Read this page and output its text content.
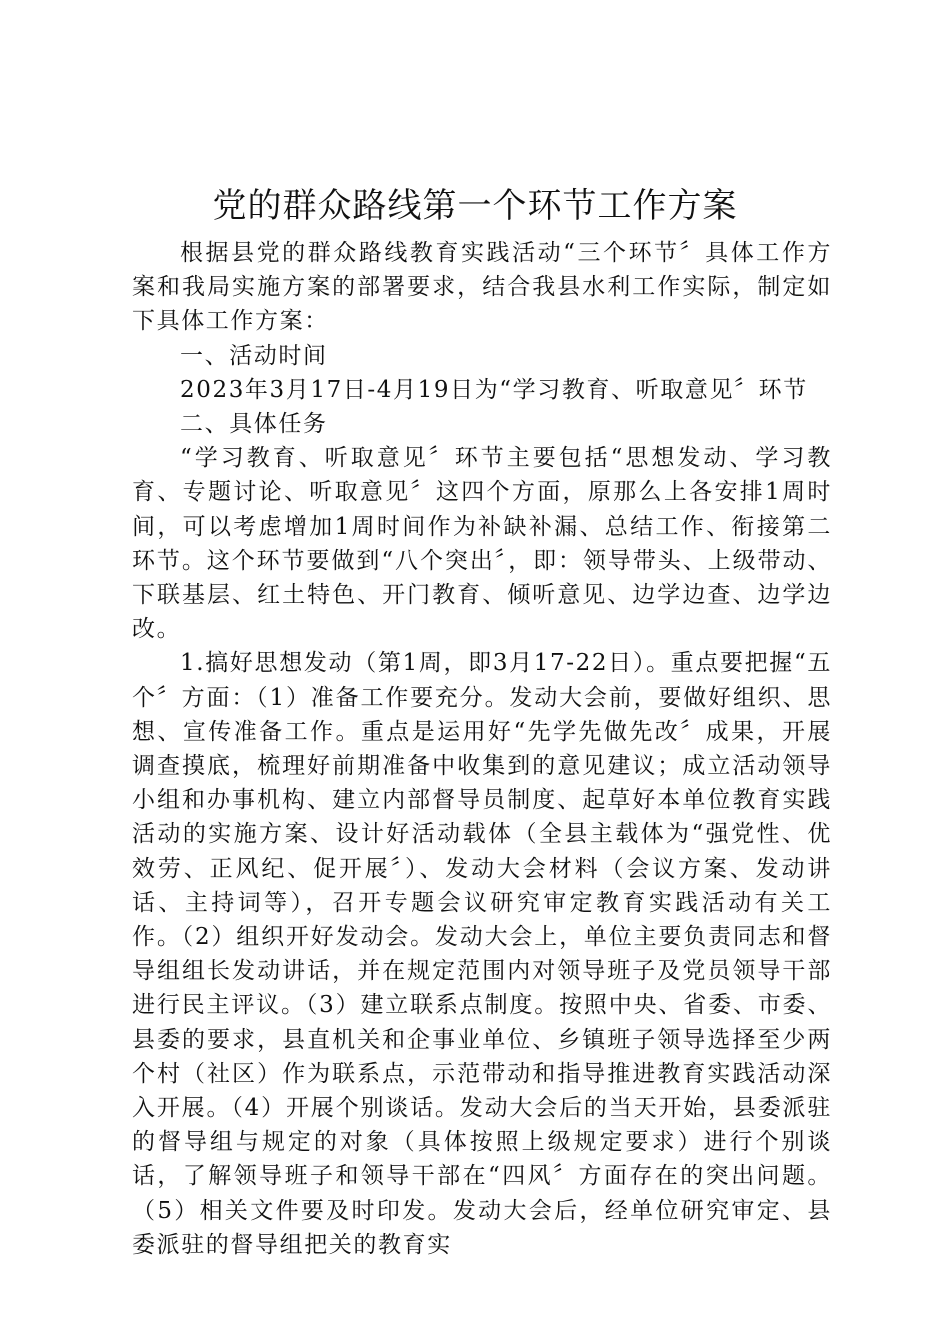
党的群众路线第一个环节工作方案

根据县党的群众路线教育实践活动“三个环节〞具体工作方案和我局实施方案的部署要求，结合我县水利工作实际，制定如下具体工作方案：

一、活动时间

2023年3月17日-4月19日为“学习教育、听取意见〞环节

二、具体任务

“学习教育、听取意见〞环节主要包括“思想发动、学习教育、专题讨论、听取意见〞这四个方面，原那么上各安排1周时间，可以考虑增加1周时间作为补缺补漏、总结工作、衔接第二环节。这个环节要做到“八个突出〞，即：领导带头、上级带动、下联基层、红土特色、开门教育、倾听意见、边学边查、边学边改。

1.搞好思想发动（第1周，即3月17-22日）。重点要把握“五个〞方面：（1）准备工作要充分。发动大会前，要做好组织、思想、宣传准备工作。重点是运用好“先学先做先改〞成果，开展调查摸底，梳理好前期准备中收集到的意见建议；成立活动领导小组和办事机构、建立内部督导员制度、起草好本单位教育实践活动的实施方案、设计好活动载体（全县主载体为“强党性、优效劳、正风纪、促开展〞）、发动大会材料（会议方案、发动讲话、主持词等），召开专题会议研究审定教育实践活动有关工作。（2）组织开好发动会。发动大会上，单位主要负责同志和督导组组长发动讲话，并在规定范围内对领导班子及党员领导干部进行民主评议。（3）建立联系点制度。按照中央、省委、市委、县委的要求，县直机关和企事业单位、乡镇班子领导选择至少两个村（社区）作为联系点，示范带动和指导推进教育实践活动深入开展。（4）开展个别谈话。发动大会后的当天开始，县委派驻的督导组与规定的对象（具体按照上级规定要求）进行个别谈话，了解领导班子和领导干部在“四风〞方面存在的突出问题。（5）相关文件要及时印发。发动大会后，经单位研究审定、县委派驻的督导组把关的教育实
